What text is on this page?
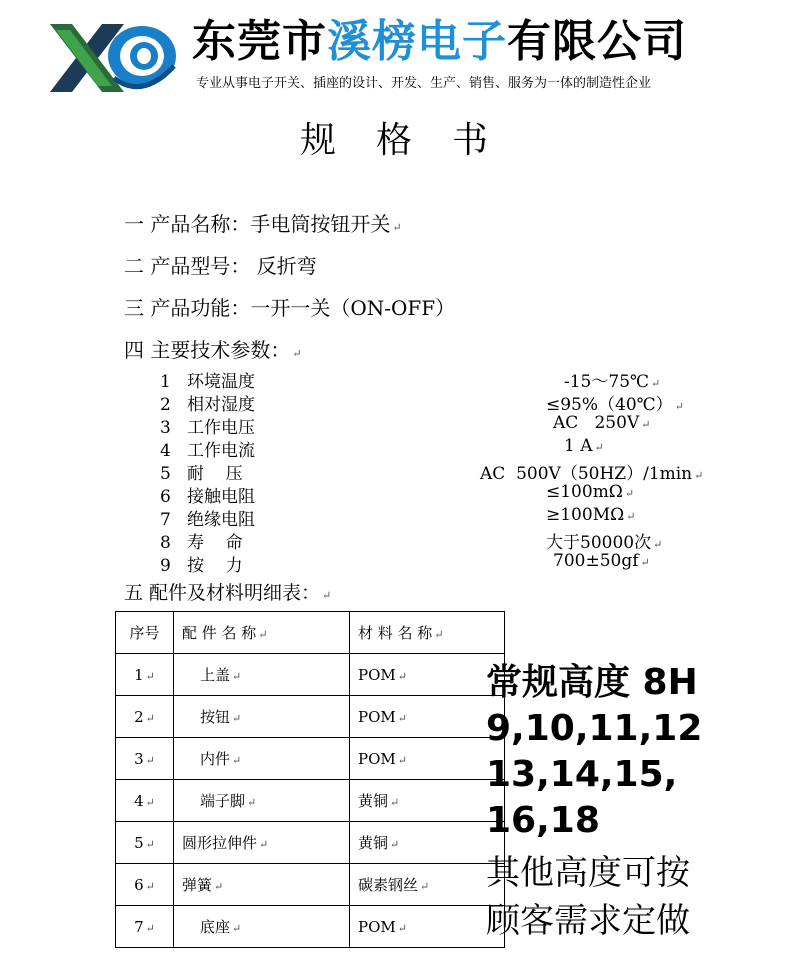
东莞市溪榜电子有限公司
专业从事电子开关、插座的设计、开发、生产、销售、服务为一体的制造性企业
规格书
一 产品名称：手电筒按钮开关 ↵
二 产品型号： 反折弯
三 产品功能：一开一关（ON-OFF）
四 主要技术参数： ↵
1 环境温度	-15～75℃ ↵
2 相对湿度	≤95%（40℃） ↵
3 工作电压	AC   250V ↵
4 工作电流	1 A ↵
5 耐    压	AC  500V（50HZ）/1min ↵
6 接触电阻	≤100mΩ ↵
7 绝缘电阻	≥100MΩ ↵
8 寿    命	大于50000次 ↵
9 按    力	700±50gf ↵
五 配件及材料明细表： ↵
序号	配 件 名 称 ↵	材 料 名 称 ↵
1 ↵	上盖 ↵	POM ↵
2 ↵	按钮 ↵	POM ↵
3 ↵	内件 ↵	POM ↵
4 ↵	端子脚 ↵	黄铜 ↵
5 ↵	圆形拉伸件 ↵	黄铜 ↵
6 ↵	弹簧 ↵	碳素钢丝 ↵
7 ↵	底座 ↵	POM ↵
常规高度 8H
9,10,11,12
13,14,15,
16,18
其他高度可按
顾客需求定做
